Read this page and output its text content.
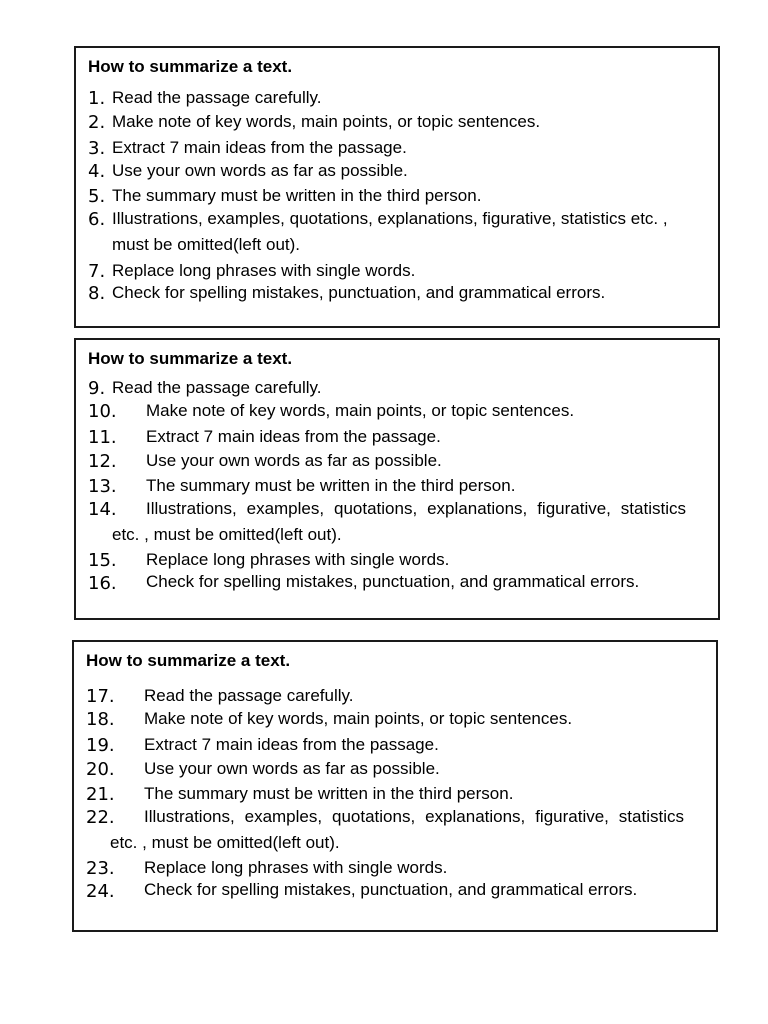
How to summarize a text.
1. Read the passage carefully.
2. Make note of key words, main points, or topic sentences.
3. Extract 7 main ideas from the passage.
4. Use your own words as far as possible.
5. The summary must be written in the third person.
6. Illustrations, examples, quotations, explanations, figurative, statistics etc. , must be omitted(left out).
7. Replace long phrases with single words.
8. Check for spelling mistakes, punctuation, and grammatical errors.
How to summarize a text.
9. Read the passage carefully.
10.	Make note of key words, main points, or topic sentences.
11.	Extract 7 main ideas from the passage.
12.	Use your own words as far as possible.
13.	The summary must be written in the third person.
14.	Illustrations, examples, quotations, explanations, figurative, statistics etc. , must be omitted(left out).
15.	Replace long phrases with single words.
16.	Check for spelling mistakes, punctuation, and grammatical errors.
How to summarize a text.
17.	Read the passage carefully.
18.	Make note of key words, main points, or topic sentences.
19.	Extract 7 main ideas from the passage.
20.	Use your own words as far as possible.
21.	The summary must be written in the third person.
22.	Illustrations, examples, quotations, explanations, figurative, statistics etc. , must be omitted(left out).
23.	Replace long phrases with single words.
24.	Check for spelling mistakes, punctuation, and grammatical errors.
